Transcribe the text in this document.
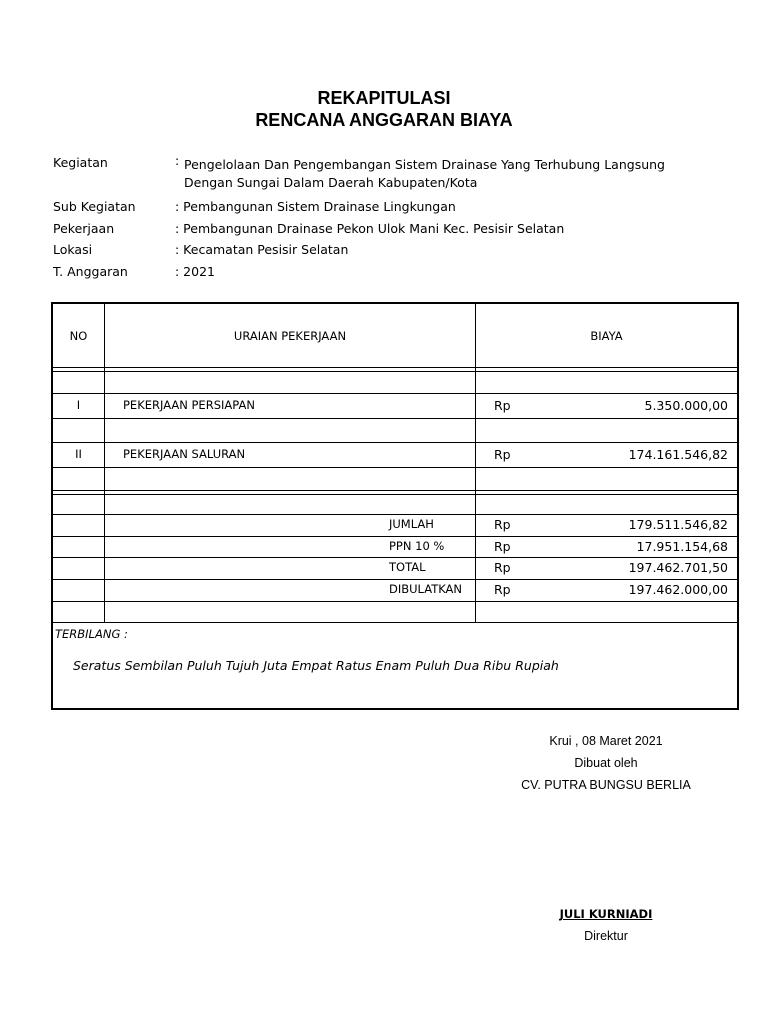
REKAPITULASI
RENCANA ANGGARAN BIAYA
Kegiatan	: Pengelolaan Dan Pengembangan Sistem Drainase Yang Terhubung Langsung
Dengan Sungai Dalam Daerah Kabupaten/Kota
Sub Kegiatan	: Pembangunan Sistem Drainase Lingkungan
Pekerjaan	: Pembangunan Drainase Pekon Ulok Mani Kec. Pesisir Selatan
Lokasi	: Kecamatan Pesisir Selatan
T. Anggaran	: 2021
NO	URAIAN PEKERJAAN	BIAYA
I	PEKERJAAN PERSIAPAN	Rp	5.350.000,00
II	PEKERJAAN SALURAN	Rp	174.161.546,82
JUMLAH	Rp	179.511.546,82
PPN 10 %	Rp	17.951.154,68
TOTAL	Rp	197.462.701,50
DIBULATKAN	Rp	197.462.000,00
TERBILANG :
Seratus Sembilan Puluh Tujuh Juta Empat Ratus Enam Puluh Dua Ribu Rupiah
Krui , 08 Maret 2021
Dibuat oleh
CV. PUTRA BUNGSU BERLIA
JULI KURNIADI
Direktur
